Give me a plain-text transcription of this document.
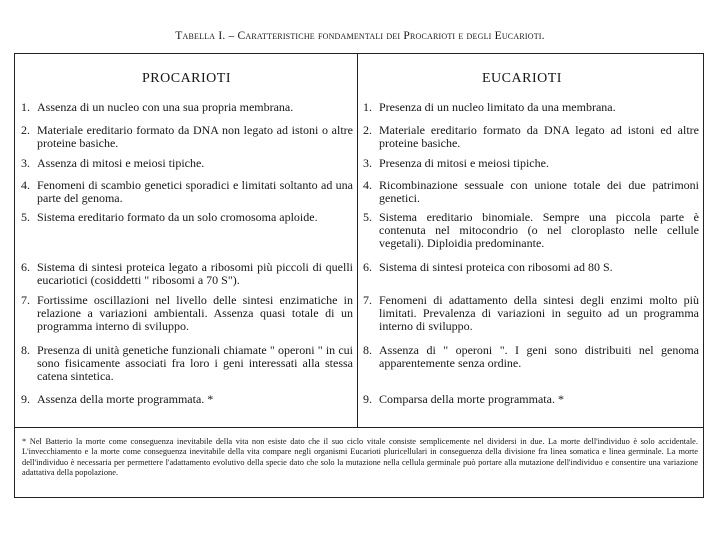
Tabella I. – Caratteristiche fondamentali dei Procarioti e degli Eucarioti.
PROCARIOTI	EUCARIOTI
1. Assenza di un nucleo con una sua propria membrana.
2. Materiale ereditario formato da DNA non legato ad istoni o altre proteine basiche.
3. Assenza di mitosi e meiosi tipiche.
4. Fenomeni di scambio genetici sporadici e limitati soltanto ad una parte del genoma.
5. Sistema ereditario formato da un solo cromosoma aploide.
6. Sistema di sintesi proteica legato a ribosomi più piccoli di quelli eucariotici (cosiddetti " ribosomi a 70 S").
7. Fortissime oscillazioni nel livello delle sintesi enzimatiche in relazione a variazioni ambientali. Assenza quasi totale di un programma interno di sviluppo.
8. Presenza di unità genetiche funzionali chiamate " operoni " in cui sono fisicamente associati fra loro i geni interessati alla stessa catena sintetica.
9. Assenza della morte programmata. *
1. Presenza di un nucleo limitato da una membrana.
2. Materiale ereditario formato da DNA legato ad istoni ed altre proteine basiche.
3. Presenza di mitosi e meiosi tipiche.
4. Ricombinazione sessuale con unione totale dei due patrimoni genetici.
5. Sistema ereditario binomiale. Sempre una piccola parte è contenuta nel mitocondrio (o nel cloroplasto nelle cellule vegetali). Diploidia predominante.
6. Sistema di sintesi proteica con ribosomi ad 80 S.
7. Fenomeni di adattamento della sintesi degli enzimi molto più limitati. Prevalenza di variazioni in seguito ad un programma interno di sviluppo.
8. Assenza di " operoni ". I geni sono distribuiti nel genoma apparentemente senza ordine.
9. Comparsa della morte programmata. *
* Nel Batterio la morte come conseguenza inevitabile della vita non esiste dato che il suo ciclo vitale consiste semplicemente nel dividersi in due. La morte dell'individuo è solo accidentale. L'invecchiamento e la morte come conseguenza inevitabile della vita compare negli organismi Eucarioti pluricellulari in conseguenza della divisione fra linea somatica e linea germinale. La morte dell'individuo è necessaria per permettere l'adattamento evolutivo della specie dato che solo la mutazione nella cellula germinale può portare alla mutazione dell'individuo e consentire una variazione adattativa della popolazione.
